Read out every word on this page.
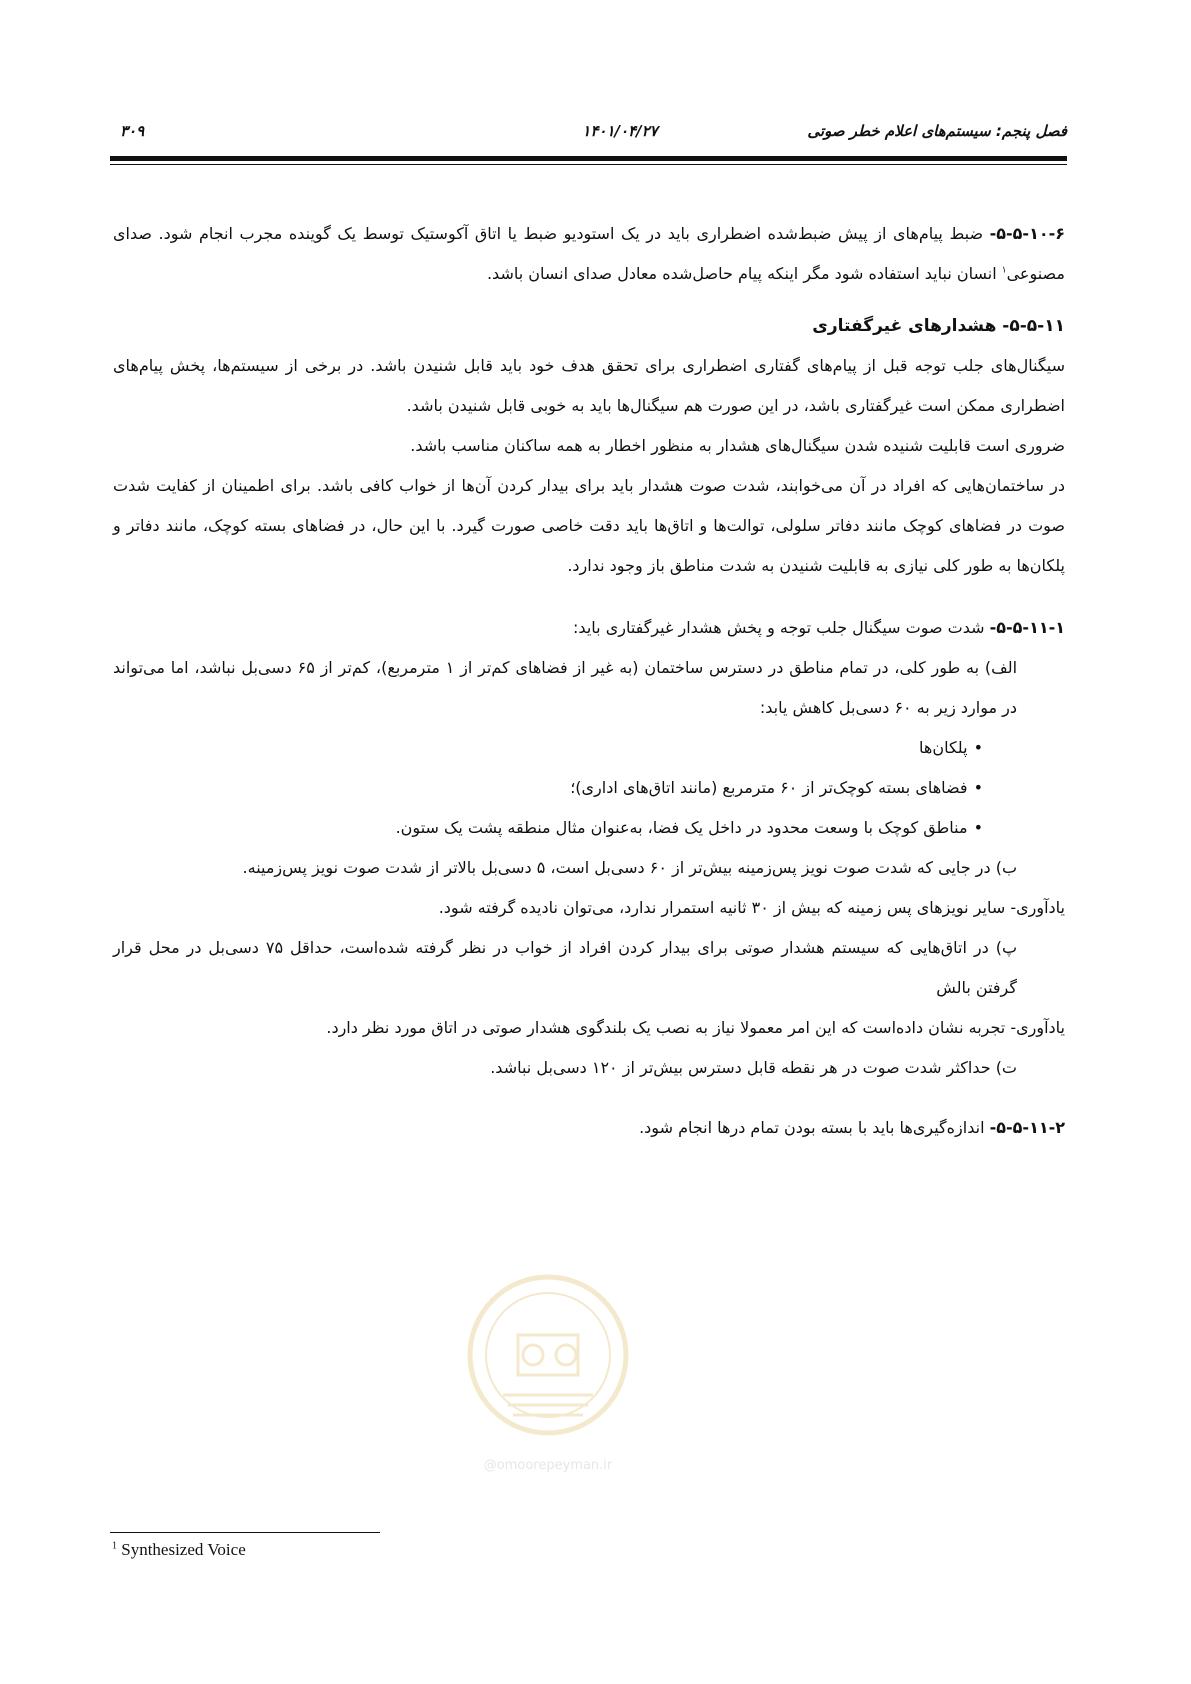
فصل پنجم: سیستم‌های اعلام خطر صوتی
۱۴۰۱/۰۴/۲۷
۳۰۹

۵-۵-۱۰-۶- ضبط پیام‌های از پیش ضبط‌شده اضطراری باید در یک استودیو ضبط یا اتاق آکوستیک توسط یک گوینده مجرب انجام شود. صدای مصنوعی$^۱$ انسان نباید استفاده شود مگر اینکه پیام حاصل‌شده معادل صدای انسان باشد.

۵-۵-۱۱- هشدارهای غیرگفتاری

سیگنال‌های جلب توجه قبل از پیام‌های گفتاری اضطراری برای تحقق هدف خود باید قابل شنیدن باشد. در برخی از سیستم‌ها، پخش پیام‌های اضطراری ممکن است غیرگفتاری باشد، در این صورت هم سیگنال‌ها باید به خوبی قابل شنیدن باشد.

ضروری است قابلیت شنیده شدن سیگنال‌های هشدار به منظور اخطار به همه ساکنان مناسب باشد.

در ساختمان‌هایی که افراد در آن می‌خوابند، شدت صوت هشدار باید برای بیدار کردن آن‌ها از خواب کافی باشد. برای اطمینان از کفایت شدت صوت در فضاهای کوچک مانند دفاتر سلولی، توالت‌ها و اتاق‌ها باید دقت خاصی صورت گیرد. با این حال، در فضاهای بسته کوچک، مانند دفاتر و پلکان‌ها به طور کلی نیازی به قابلیت شنیدن به شدت مناطق باز وجود ندارد.

۵-۵-۱۱-۱- شدت صوت سیگنال جلب توجه و پخش هشدار غیرگفتاری باید:

الف) به طور کلی، در تمام مناطق در دسترس ساختمان (به غیر از فضاهای کم‌تر از ۱ مترمربع)، کم‌تر از ۶۵ دسی‌بل نباشد، اما می‌تواند در موارد زیر به ۶۰ دسی‌بل کاهش یابد:

•پلکان‌ها

•فضاهای بسته کوچک‌تر از ۶۰ مترمربع (مانند اتاق‌های اداری)؛

•مناطق کوچک با وسعت محدود در داخل یک فضا، به‌عنوان مثال منطقه پشت یک ستون.

ب) در جایی که شدت صوت نویز پس‌زمینه بیش‌تر از ۶۰ دسی‌بل است، ۵ دسی‌بل بالاتر از شدت صوت نویز پس‌زمینه.

یادآوری- سایر نویزهای پس زمینه که بیش از ۳۰ ثانیه استمرار ندارد، می‌توان نادیده گرفته شود.

پ) در اتاق‌هایی که سیستم هشدار صوتی برای بیدار کردن افراد از خواب در نظر گرفته شده‌است، حداقل ۷۵ دسی‌بل در محل قرار گرفتن بالش

یادآوری- تجربه نشان داده‌است که این امر معمولا نیاز به نصب یک بلندگوی هشدار صوتی در اتاق مورد نظر دارد.

ت) حداکثر شدت صوت در هر نقطه قابل دسترس بیش‌تر از ۱۲۰ دسی‌بل نباشد.

۵-۵-۱۱-۲- اندازه‌گیری‌ها باید با بسته بودن تمام درها انجام شود.

@omoorepeyman.ir
$^1$ Synthesized Voice
